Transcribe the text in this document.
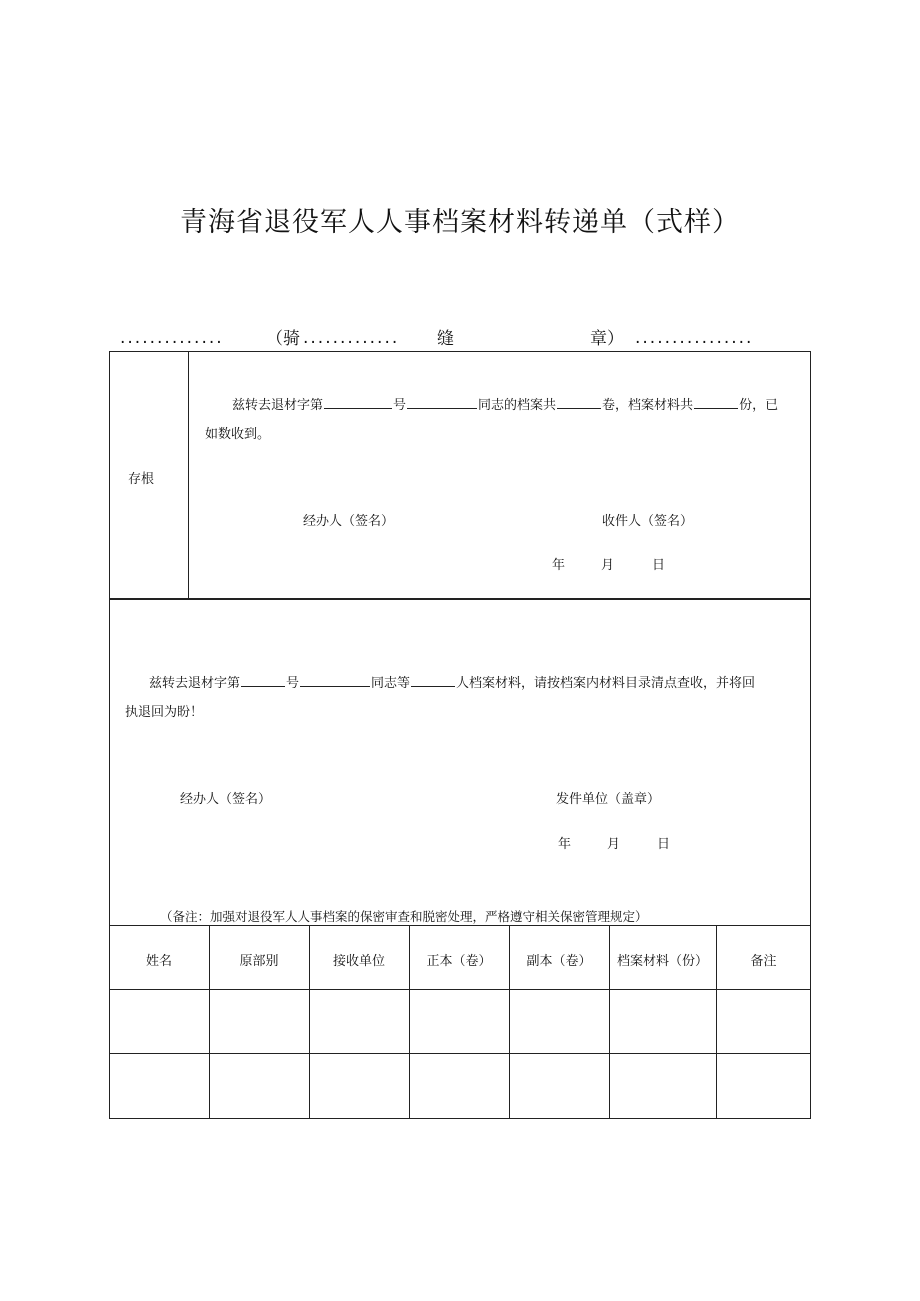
青海省退役军人人事档案材料转递单（式样）
.............. （骑 ............. 缝	章） ................
存根
兹转去退材字第	号	同志的档案共	卷，档案材料共	份，已
如数收到。
经办人（签名）	收件人（签名）
年	月	日
兹转去退材字第	号	同志等	人档案材料，请按档案内材料目录清点查收，并将回
执退回为盼！
经办人（签名）	发件单位（盖章）
年	月	日
（备注：加强对退役军人人事档案的保密审查和脱密处理，严格遵守相关保密管理规定）
姓名	原部别	接收单位	正本（卷）	副本（卷）	档案材料（份）	备注
